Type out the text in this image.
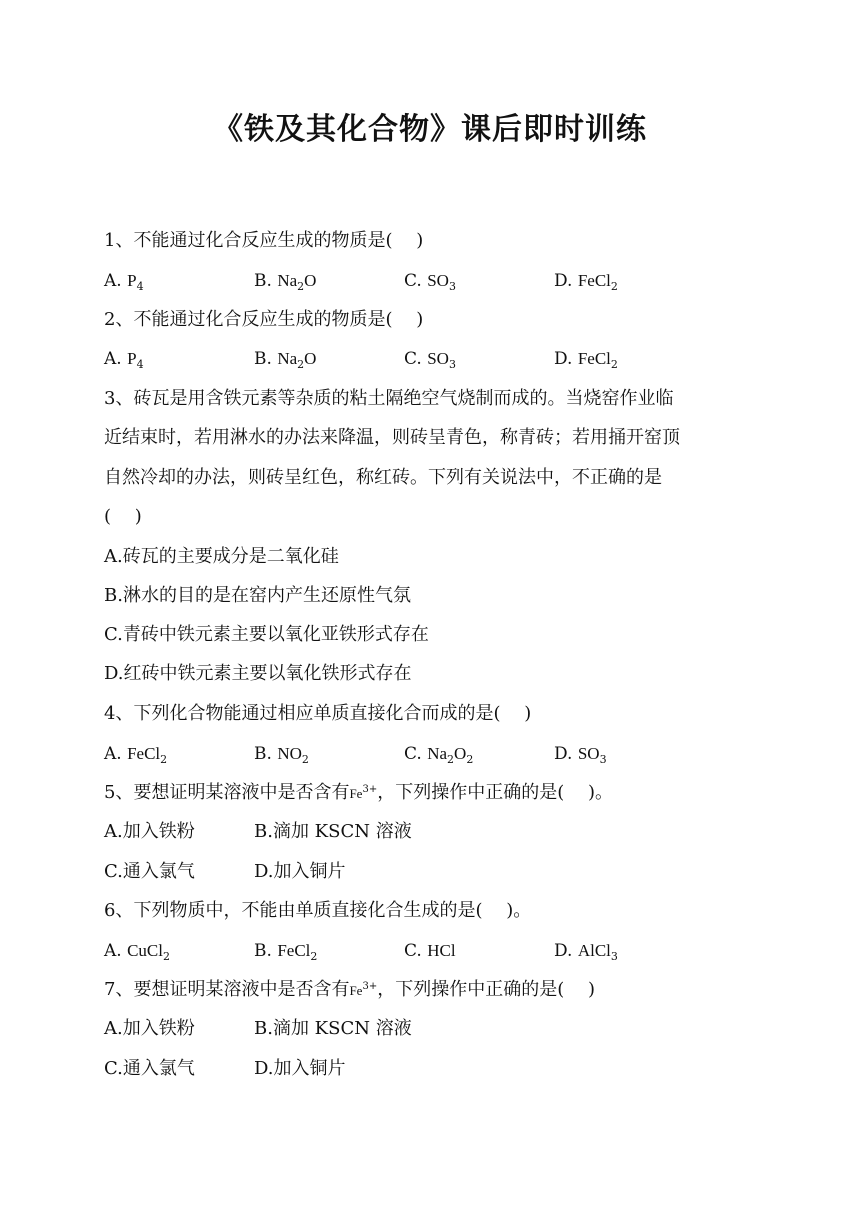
《铁及其化合物》课后即时训练
1、不能通过化合反应生成的物质是(　 )
A. $P_4$	B. $Na_2O$	C. $SO_3$	D. FeCl$_2$
2、不能通过化合反应生成的物质是(　 )
A. $P_4$	B. $Na_2O$	C. $SO_3$	D. FeCl$_2$
3、砖瓦是用含铁元素等杂质的粘土隔绝空气烧制而成的。当烧窑作业临
近结束时，若用淋水的办法来降温，则砖呈青色，称青砖；若用捅开窑顶
自然冷却的办法，则砖呈红色，称红砖。下列有关说法中，不正确的是
(　 )
A.砖瓦的主要成分是二氧化硅
B.淋水的目的是在窑内产生还原性气氛
C.青砖中铁元素主要以氧化亚铁形式存在
D.红砖中铁元素主要以氧化铁形式存在
4、下列化合物能通过相应单质直接化合而成的是(　 )
A. FeCl$_2$	B. $NO_2$	C. $Na_2O_2$	D. $SO_3$
5、要想证明某溶液中是否含有$Fe^{3+}$，下列操作中正确的是(　 )。
A.加入铁粉	B.滴加 KSCN 溶液
C.通入氯气	D.加入铜片
6、下列物质中，不能由单质直接化合生成的是(　 )。
A. CuCl$_2$	B. FeCl$_2$	C. HCl	D. AlCl$_3$
7、要想证明某溶液中是否含有$Fe^{3+}$，下列操作中正确的是(　 )
A.加入铁粉	B.滴加 KSCN 溶液
C.通入氯气	D.加入铜片
